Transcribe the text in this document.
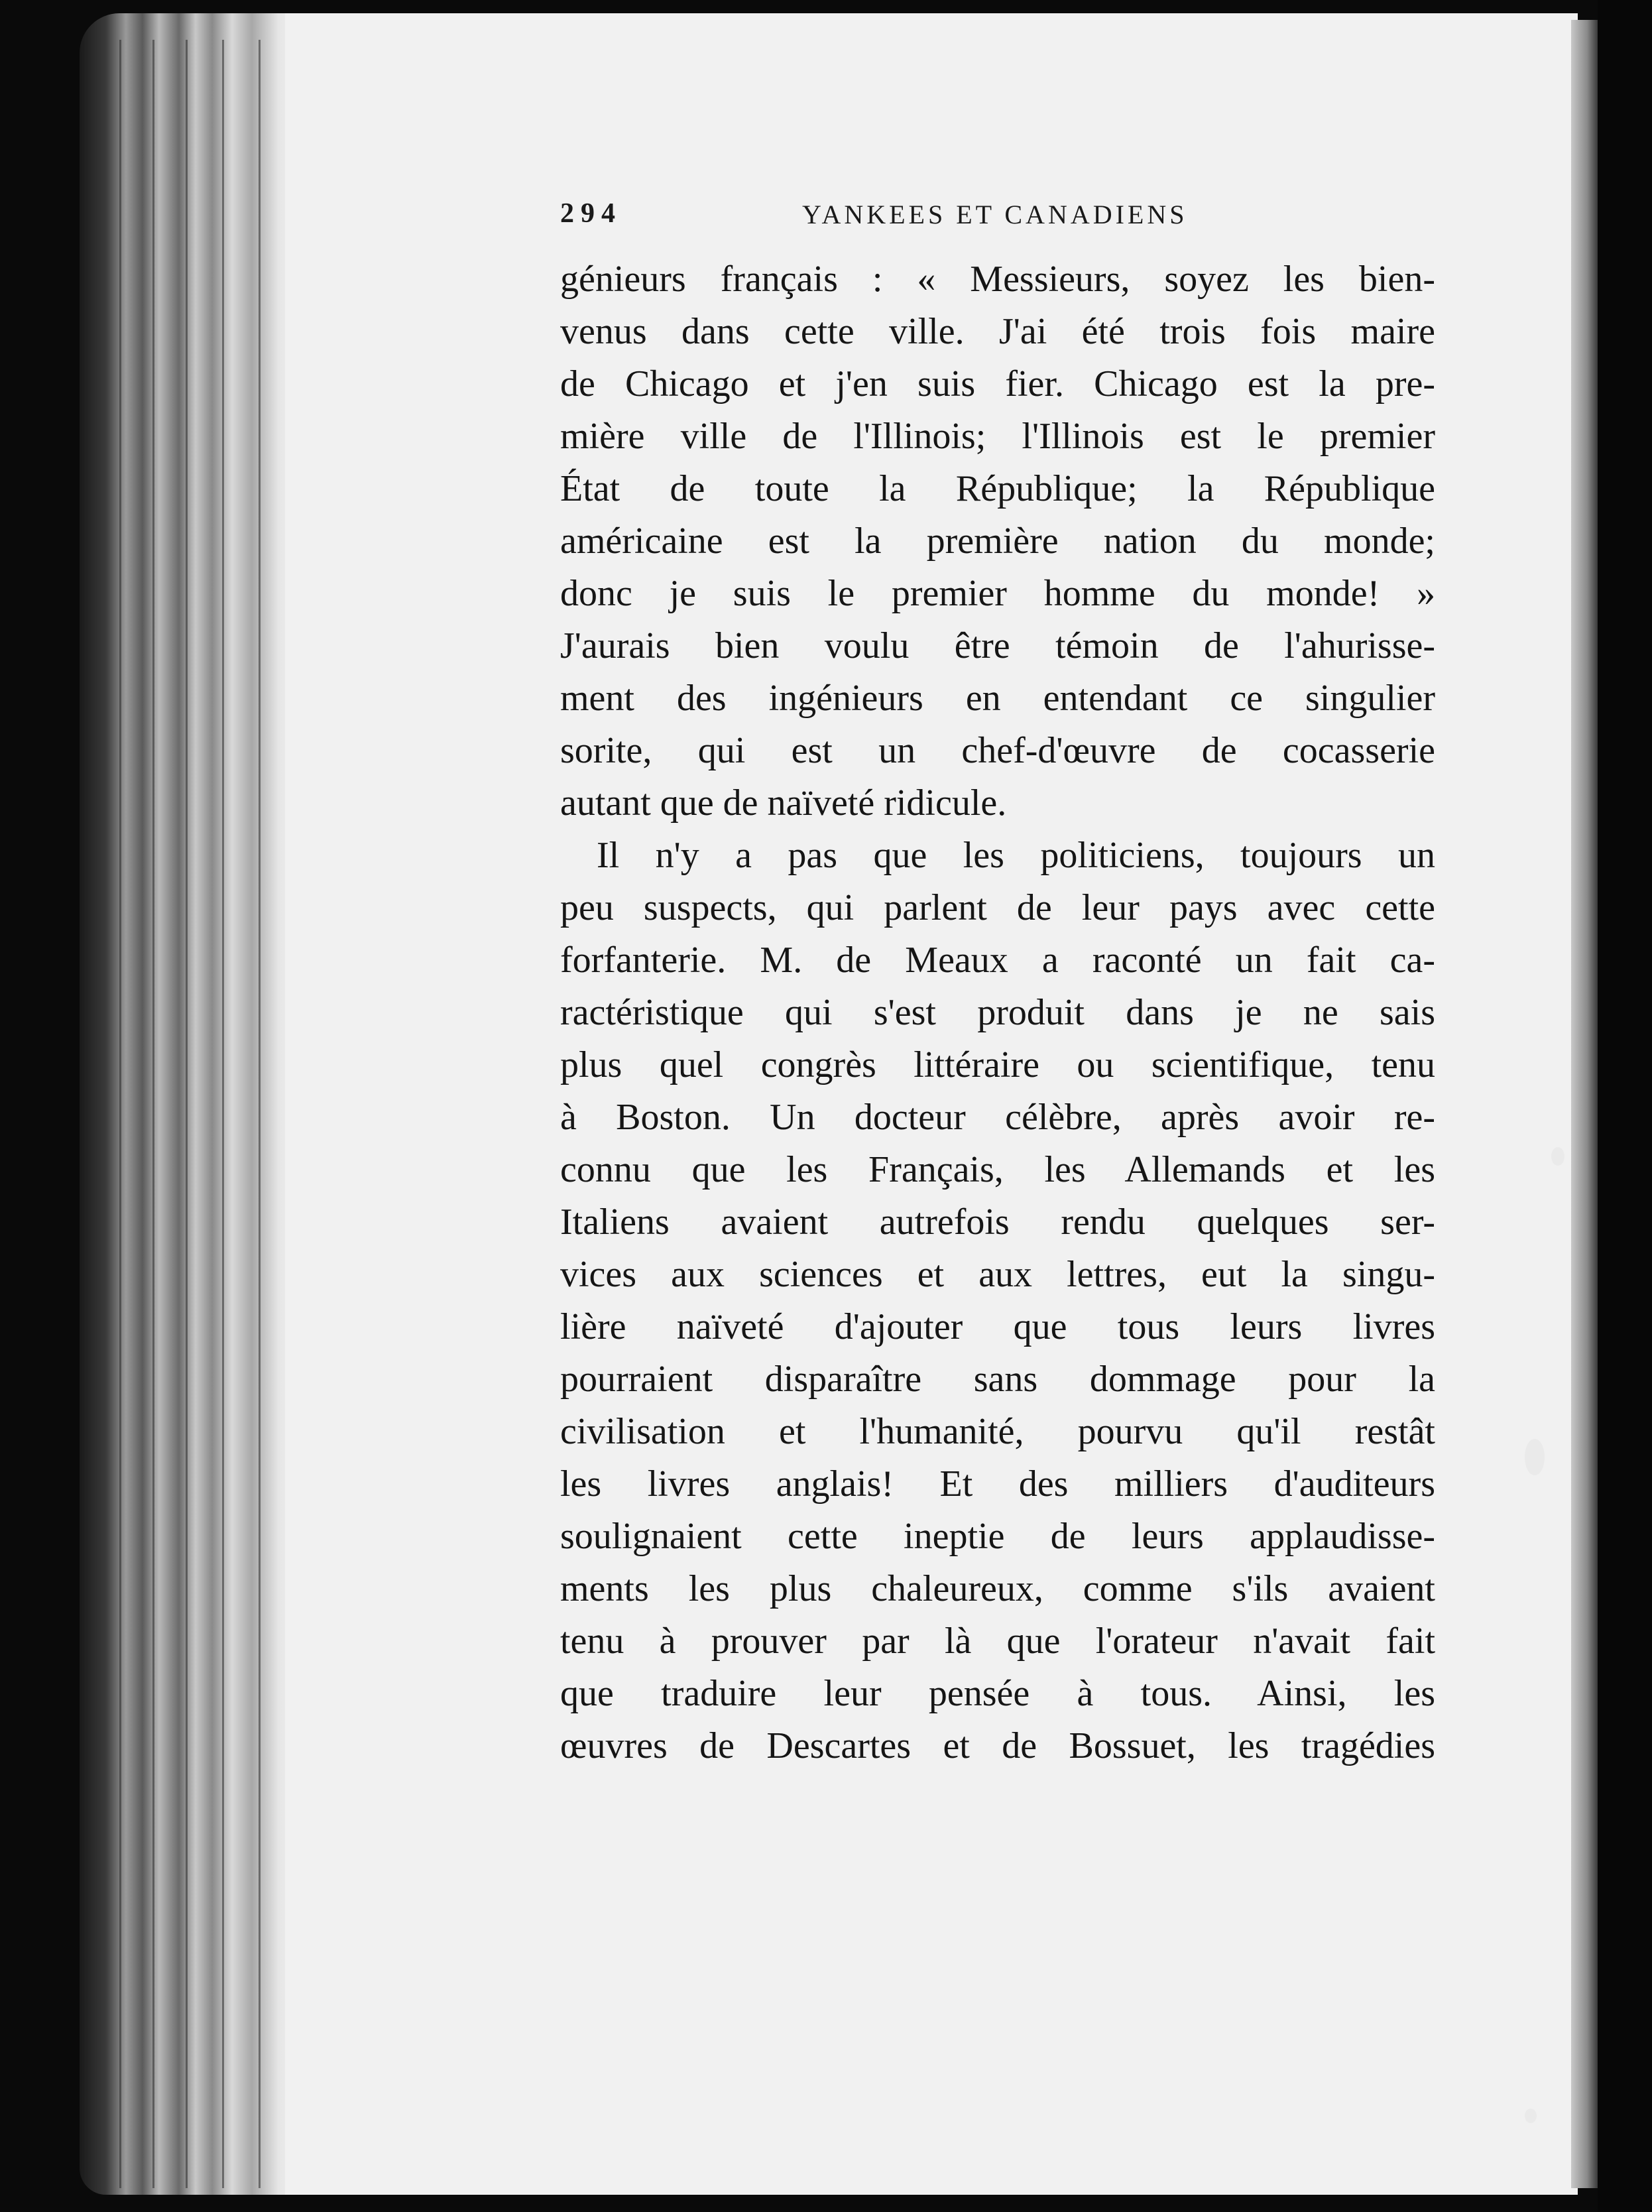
294	YANKEES ET CANADIENS
génieurs français : « Messieurs, soyez les bien-
venus dans cette ville. J'ai été trois fois maire
de Chicago et j'en suis fier. Chicago est la pre-
mière ville de l'Illinois; l'Illinois est le premier
État de toute la République; la République
américaine est la première nation du monde;
donc je suis le premier homme du monde! »
J'aurais bien voulu être témoin de l'ahurisse-
ment des ingénieurs en entendant ce singulier
sorite, qui est un chef-d'œuvre de cocasserie
autant que de naïveté ridicule.
Il n'y a pas que les politiciens, toujours un
peu suspects, qui parlent de leur pays avec cette
forfanterie. M. de Meaux a raconté un fait ca-
ractéristique qui s'est produit dans je ne sais
plus quel congrès littéraire ou scientifique, tenu
à Boston. Un docteur célèbre, après avoir re-
connu que les Français, les Allemands et les
Italiens avaient autrefois rendu quelques ser-
vices aux sciences et aux lettres, eut la singu-
lière naïveté d'ajouter que tous leurs livres
pourraient disparaître sans dommage pour la
civilisation et l'humanité, pourvu qu'il restât
les livres anglais! Et des milliers d'auditeurs
soulignaient cette ineptie de leurs applaudisse-
ments les plus chaleureux, comme s'ils avaient
tenu à prouver par là que l'orateur n'avait fait
que traduire leur pensée à tous. Ainsi, les
œuvres de Descartes et de Bossuet, les tragédies
